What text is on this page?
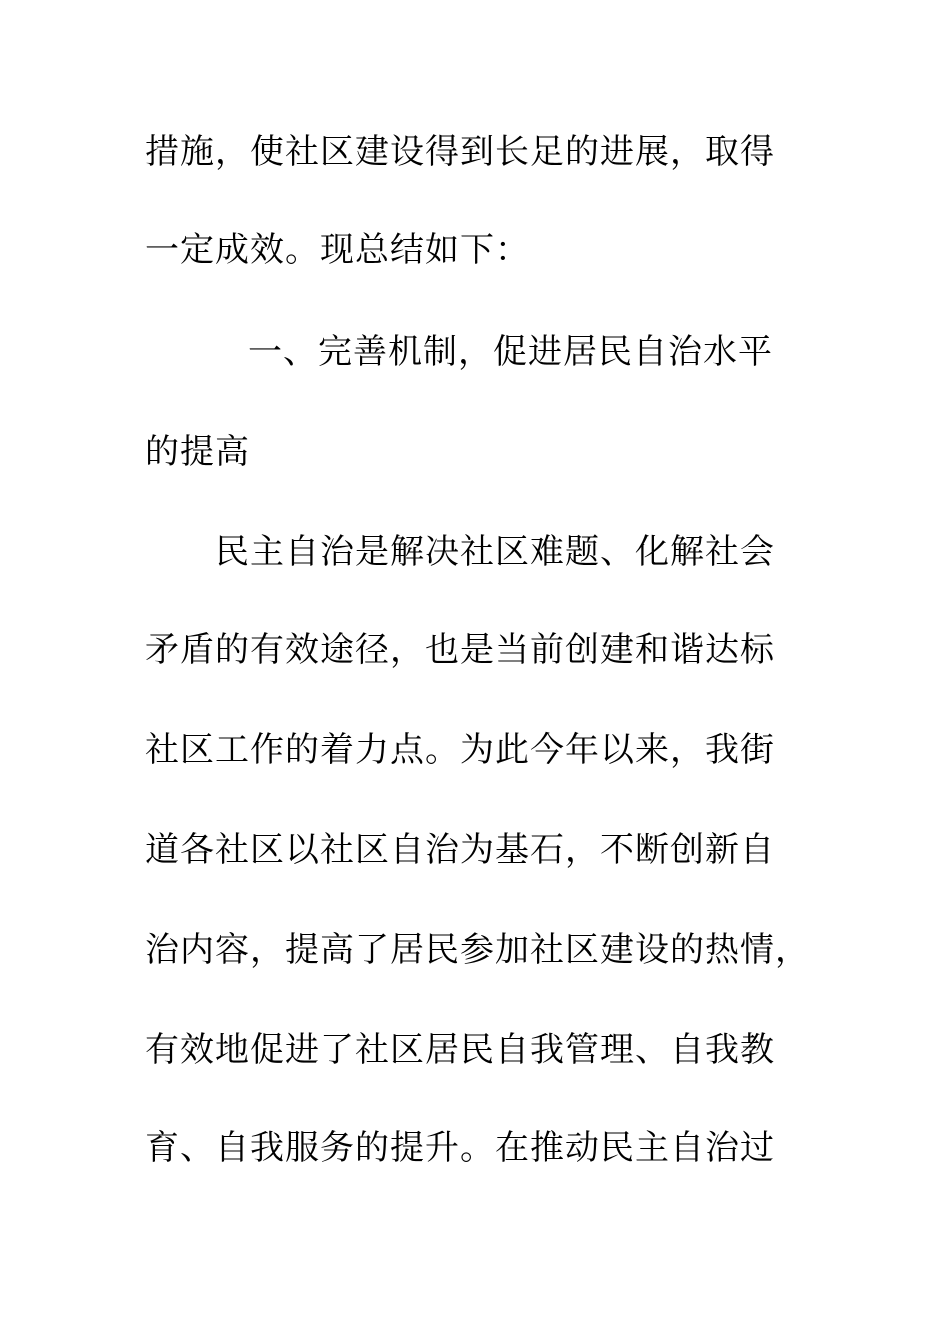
措施，使社区建设得到长足的进展，取得
一定成效。现总结如下：
一、完善机制，促进居民自治水平
的提高
民主自治是解决社区难题、化解社会
矛盾的有效途径，也是当前创建和谐达标
社区工作的着力点。为此今年以来，我街
道各社区以社区自治为基石，不断创新自
治内容，提高了居民参加社区建设的热情，
有效地促进了社区居民自我管理、自我教
育、自我服务的提升。在推动民主自治过
